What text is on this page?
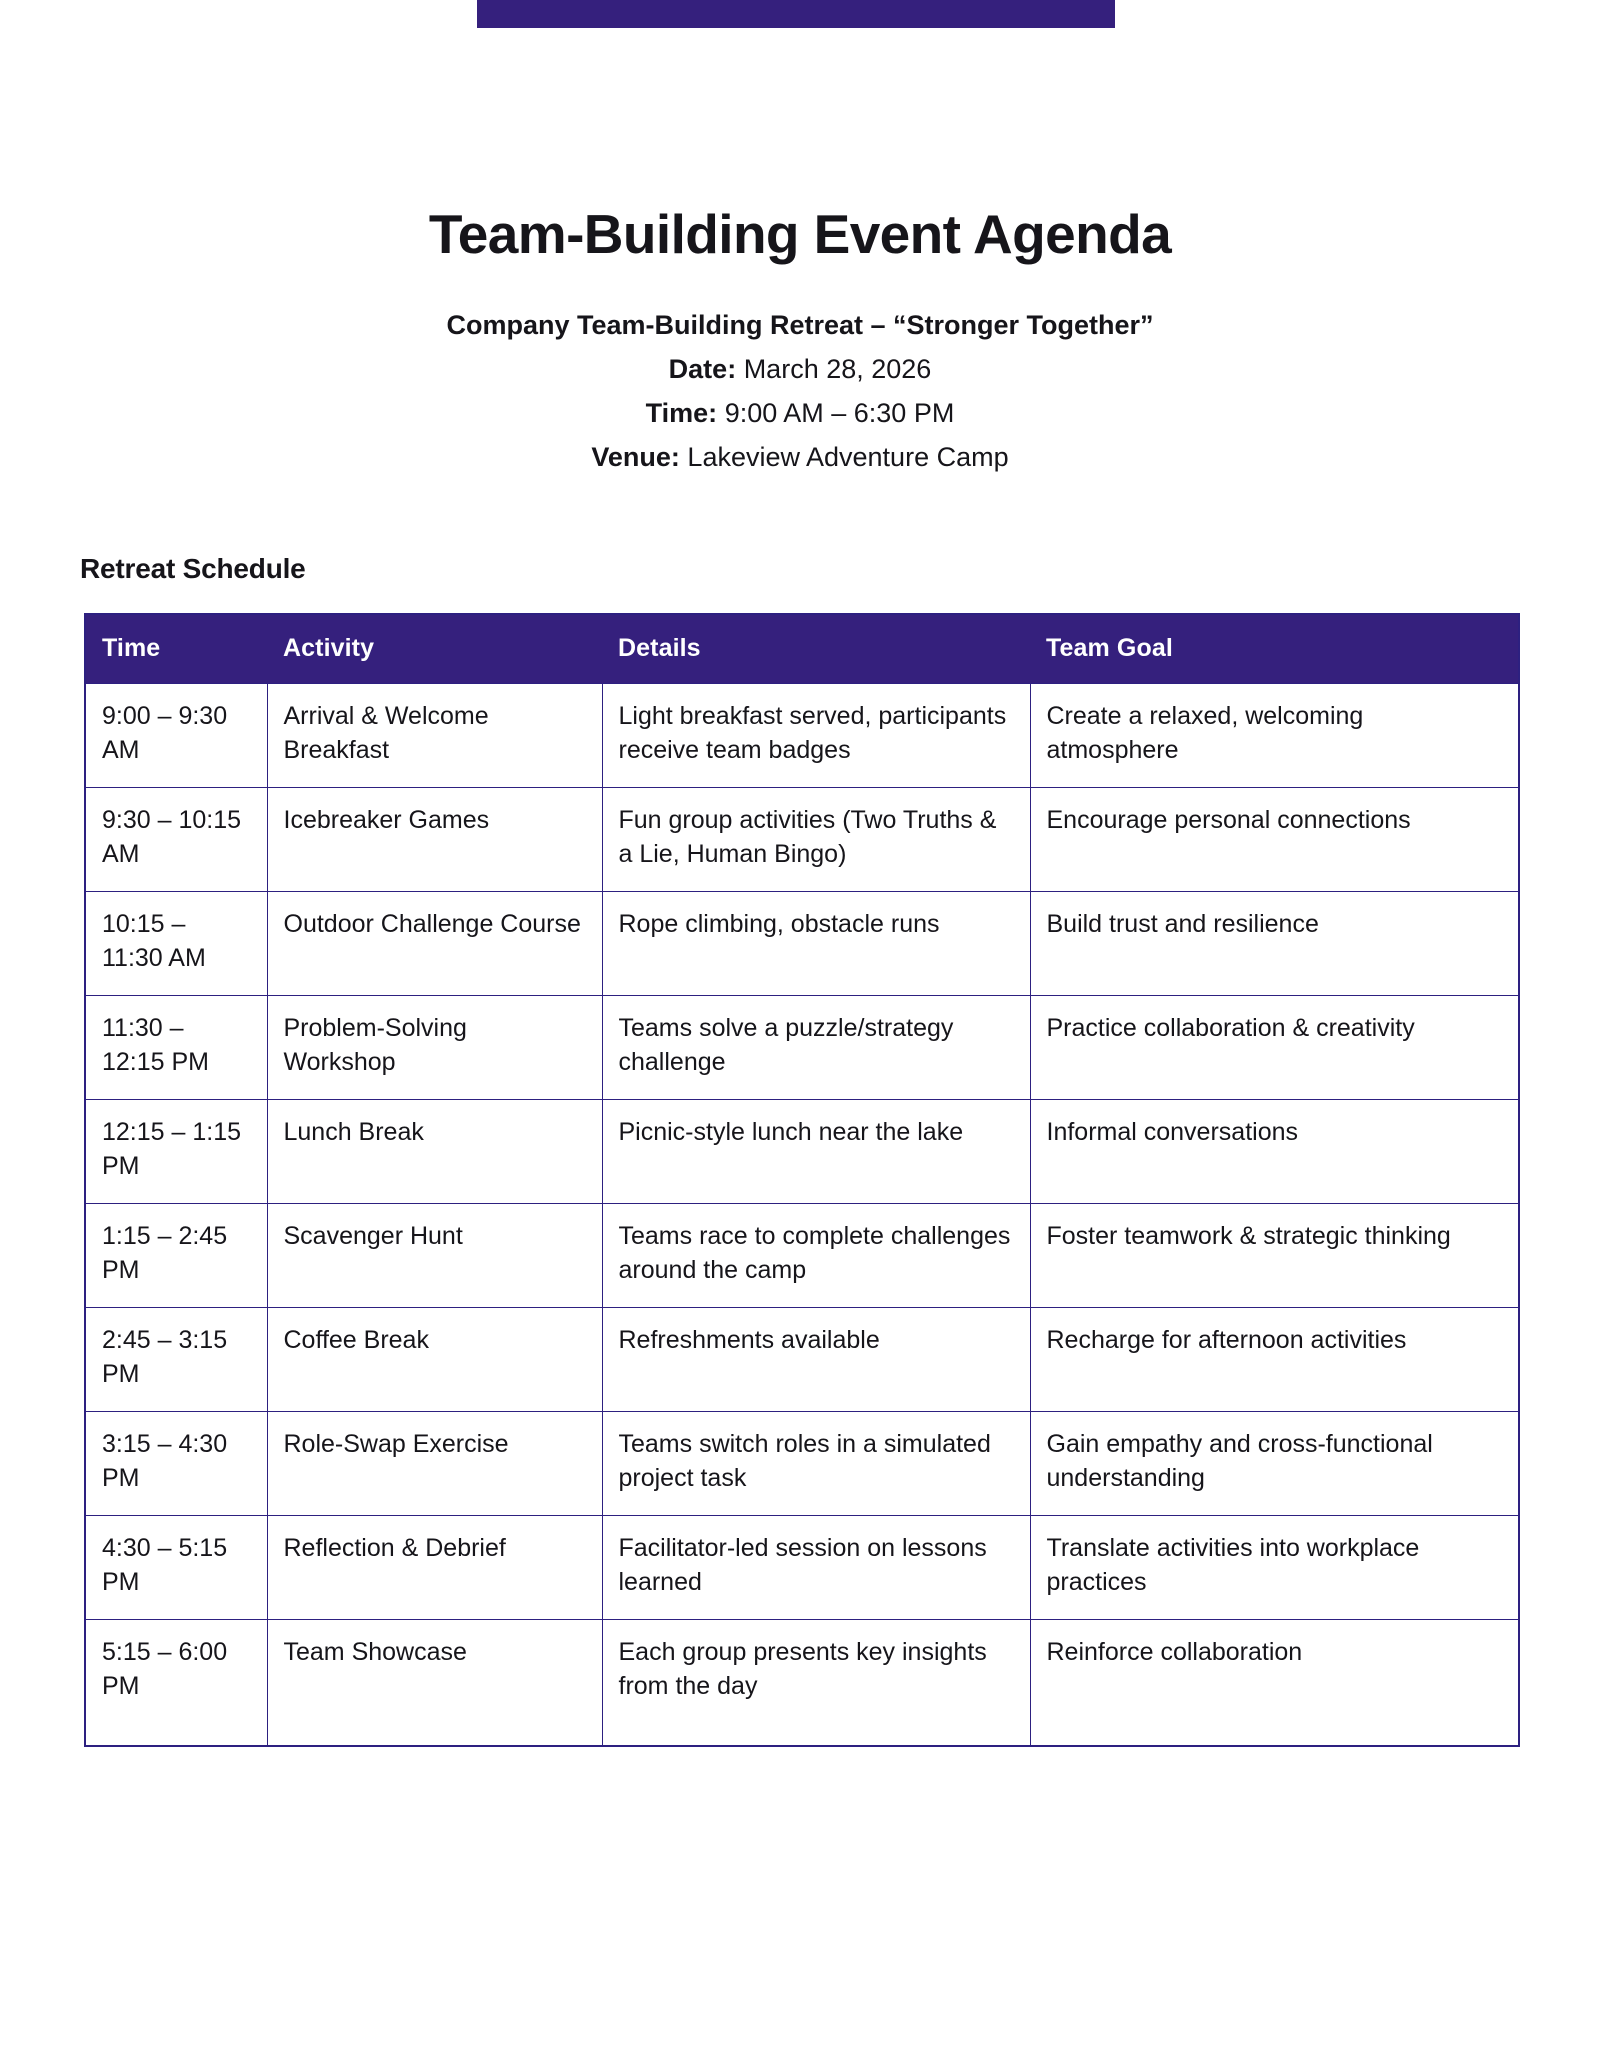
Team-Building Event Agenda
Company Team-Building Retreat – “Stronger Together”
Date: March 28, 2026
Time: 9:00 AM – 6:30 PM
Venue: Lakeview Adventure Camp
Retreat Schedule
Time	Activity	Details	Team Goal
9:00 – 9:30 AM	Arrival & Welcome Breakfast	Light breakfast served, participants receive team badges	Create a relaxed, welcoming atmosphere
9:30 – 10:15 AM	Icebreaker Games	Fun group activities (Two Truths & a Lie, Human Bingo)	Encourage personal connections
10:15 – 11:30 AM	Outdoor Challenge Course	Rope climbing, obstacle runs	Build trust and resilience
11:30 – 12:15 PM	Problem-Solving Workshop	Teams solve a puzzle/strategy challenge	Practice collaboration & creativity
12:15 – 1:15 PM	Lunch Break	Picnic-style lunch near the lake	Informal conversations
1:15 – 2:45 PM	Scavenger Hunt	Teams race to complete challenges around the camp	Foster teamwork & strategic thinking
2:45 – 3:15 PM	Coffee Break	Refreshments available	Recharge for afternoon activities
3:15 – 4:30 PM	Role-Swap Exercise	Teams switch roles in a simulated project task	Gain empathy and cross-functional understanding
4:30 – 5:15 PM	Reflection & Debrief	Facilitator-led session on lessons learned	Translate activities into workplace practices
5:15 – 6:00 PM	Team Showcase	Each group presents key insights from the day	Reinforce collaboration
